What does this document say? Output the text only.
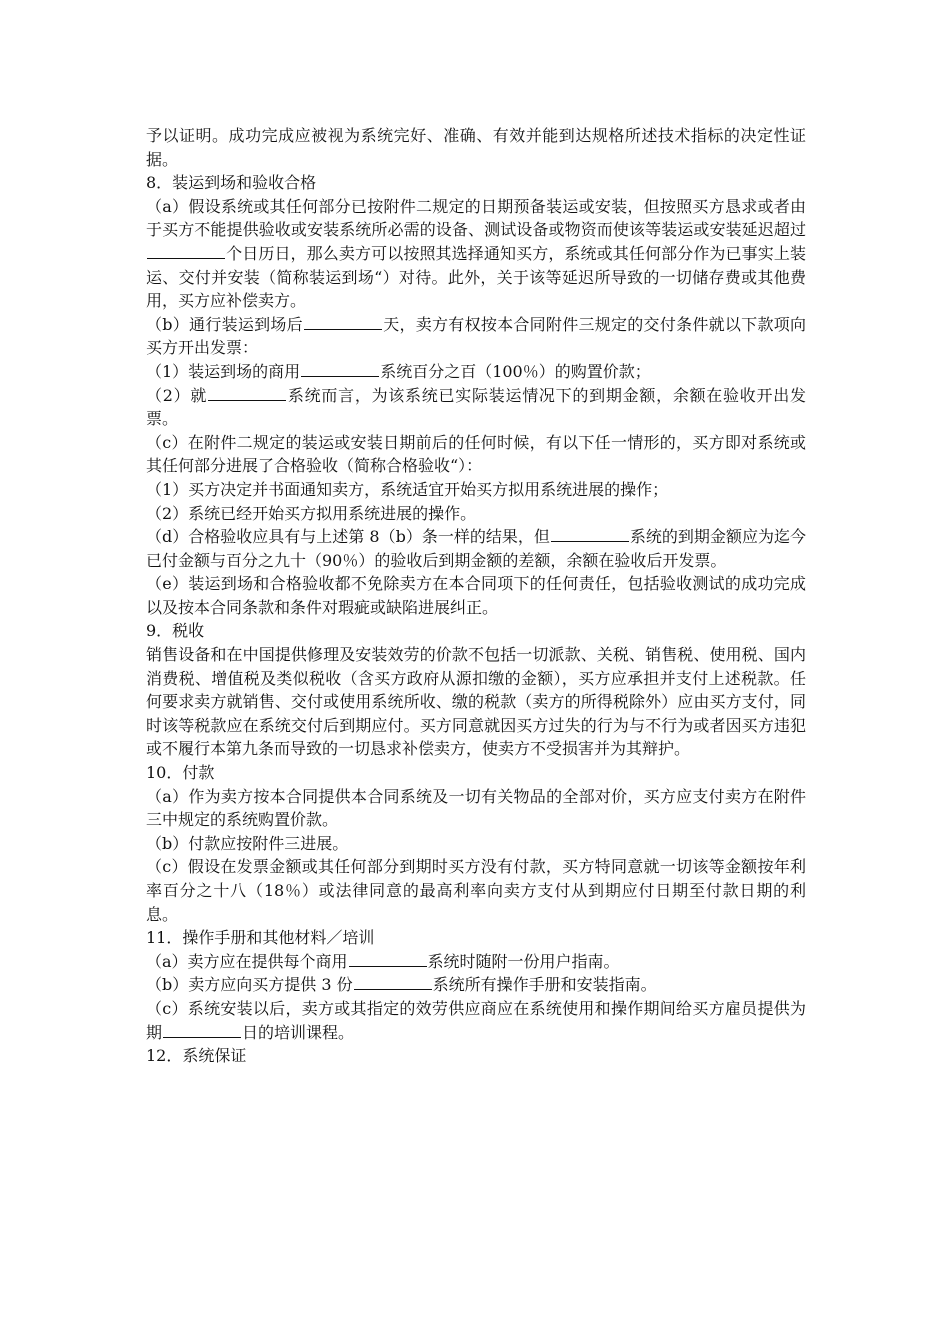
予以证明。成功完成应被视为系统完好、准确、有效并能到达规格所述技术指标的决定性证据。
8．装运到场和验收合格
（a）假设系统或其任何部分已按附件二规定的日期预备装运或安装，但按照买方恳求或者由于买方不能提供验收或安装系统所必需的设备、测试设备或物资而使该等装运或安装延迟超过个日历日，那么卖方可以按照其选择通知买方，系统或其任何部分作为已事实上装运、交付并安装（简称装运到场“）对待。此外，关于该等延迟所导致的一切储存费或其他费用，买方应补偿卖方。
（b）通行装运到场后	天，卖方有权按本合同附件三规定的交付条件就以下款项向买方开出发票：
（1）装运到场的商用	系统百分之百（100％）的购置价款；
（2）就	系统而言，为该系统已实际装运情况下的到期金额，余额在验收开出发票。
（c）在附件二规定的装运或安装日期前后的任何时候，有以下任一情形的，买方即对系统或其任何部分进展了合格验收（简称合格验收“）：
（1）买方决定并书面通知卖方，系统适宜开始买方拟用系统进展的操作；
（2）系统已经开始买方拟用系统进展的操作。
（d）合格验收应具有与上述第 8（b）条一样的结果，但	系统的到期金额应为迄今已付金额与百分之九十（90％）的验收后到期金额的差额，余额在验收后开发票。
（e）装运到场和合格验收都不免除卖方在本合同项下的任何责任，包括验收测试的成功完成以及按本合同条款和条件对瑕疵或缺陷进展纠正。
9．税收
销售设备和在中国提供修理及安装效劳的价款不包括一切派款、关税、销售税、使用税、国内消费税、增值税及类似税收（含买方政府从源扣缴的金额），买方应承担并支付上述税款。任何要求卖方就销售、交付或使用系统所收、缴的税款（卖方的所得税除外）应由买方支付，同时该等税款应在系统交付后到期应付。买方同意就因买方过失的行为与不行为或者因买方违犯或不履行本第九条而导致的一切恳求补偿卖方，使卖方不受损害并为其辩护。
10．付款
（a）作为卖方按本合同提供本合同系统及一切有关物品的全部对价，买方应支付卖方在附件三中规定的系统购置价款。
（b）付款应按附件三进展。
（c）假设在发票金额或其任何部分到期时买方没有付款，买方特同意就一切该等金额按年利率百分之十八（18％）或法律同意的最高利率向卖方支付从到期应付日期至付款日期的利息。
11．操作手册和其他材料／培训
（a）卖方应在提供每个商用	系统时随附一份用户指南。
（b）卖方应向买方提供 3 份	系统所有操作手册和安装指南。
（c）系统安装以后，卖方或其指定的效劳供应商应在系统使用和操作期间给买方雇员提供为期	日的培训课程。
12．系统保证
